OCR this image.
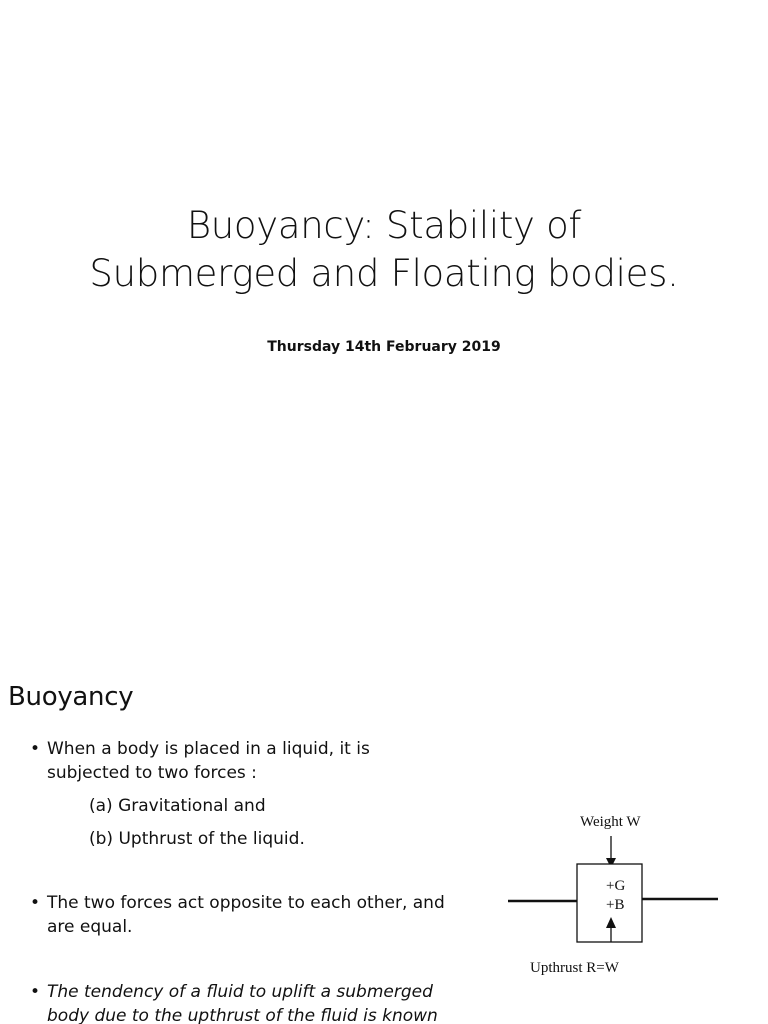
Buoyancy: Stability of
Submerged and Floating bodies.

Thursday 14th February 2019

Buoyancy
• When a body is placed in a liquid, it is
subjected to two forces :
(a) Gravitational and
(b) Upthrust of the liquid.
• The two forces act opposite to each other, and
are equal.
• The tendency of a fluid to uplift a submerged
body due to the upthrust of the fluid is known
Weight W
+G
+B
Upthrust R=W
